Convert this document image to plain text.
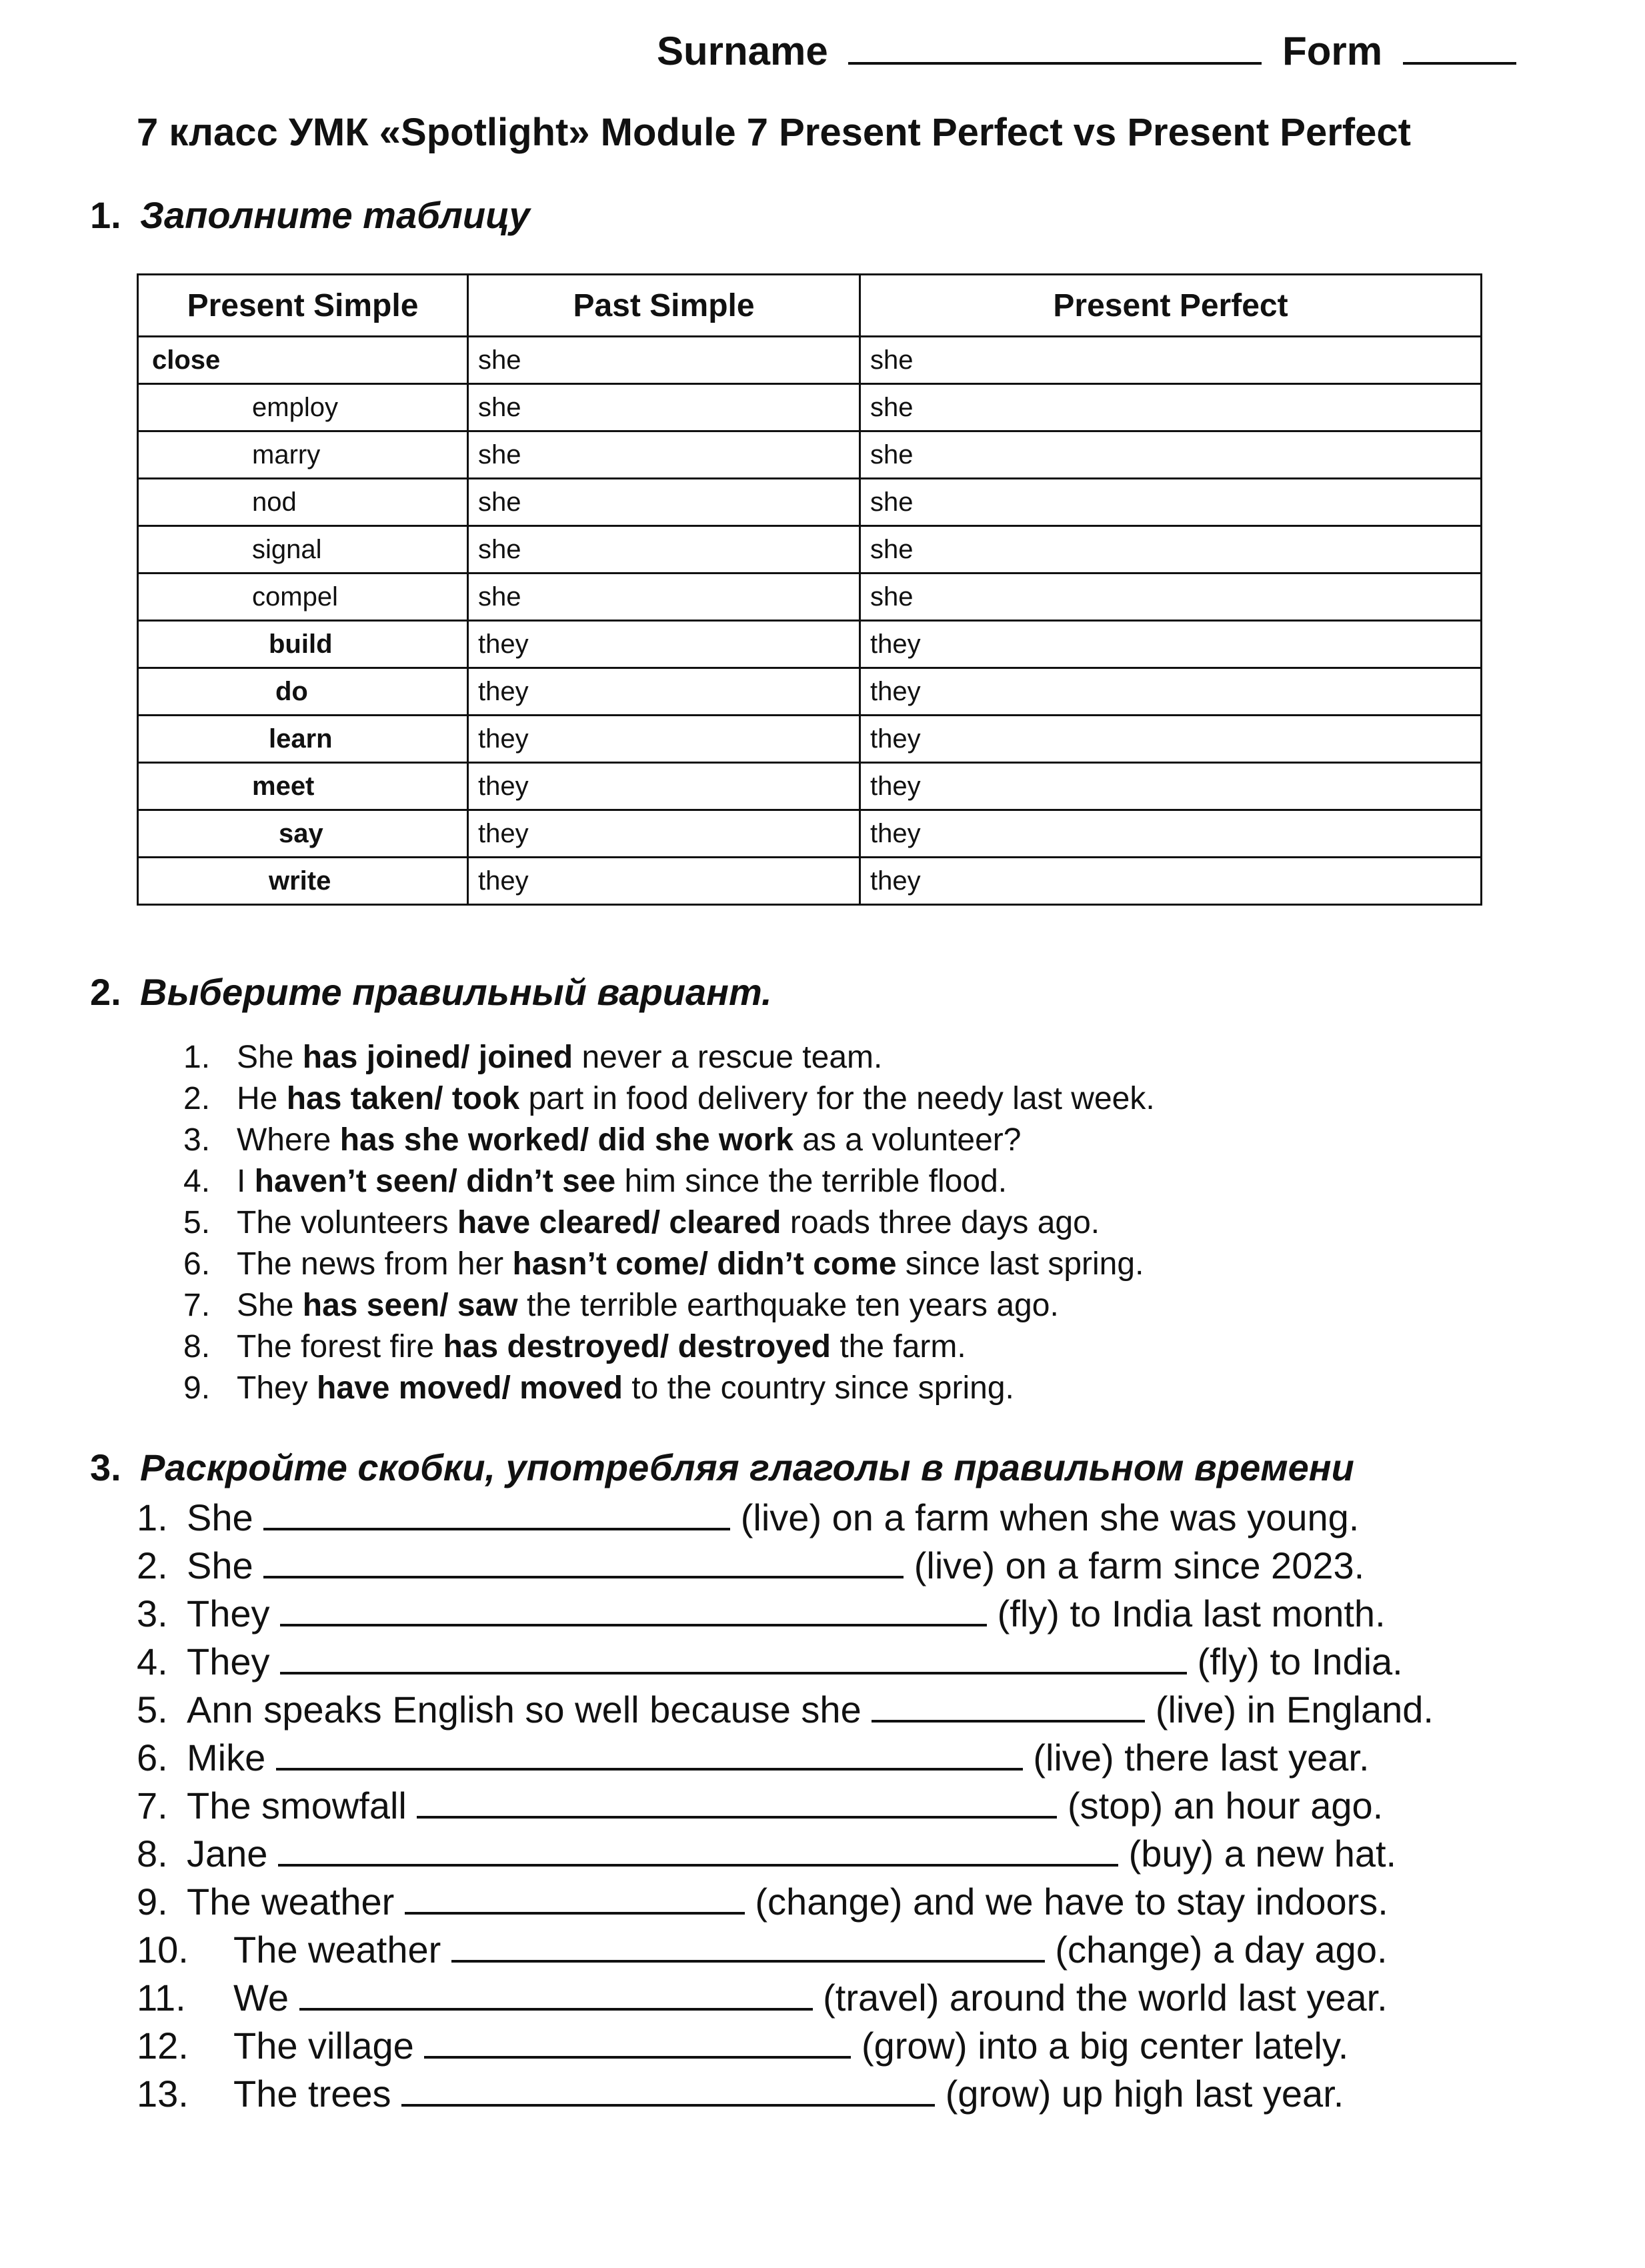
Surname	Form
7 класс УМК «Spotlight» Module 7 Present Perfect vs Present Perfect
1. Заполните таблицу
Present Simple	Past Simple	Present Perfect
close	she	she
employ	she	she
marry	she	she
nod	she	she
signal	she	she
compel	she	she
build	they	they
do	they	they
learn	they	they
meet	they	they
say	they	they
write	they	they
2. Выберите правильный вариант.
1. She has joined/ joined never a rescue team.
2. He has taken/ took part in food delivery for the needy last week.
3. Where has she worked/ did she work as a volunteer?
4. I haven’t seen/ didn’t see him since the terrible flood.
5. The volunteers have cleared/ cleared roads three days ago.
6. The news from her hasn’t come/ didn’t come since last spring.
7. She has seen/ saw the terrible earthquake ten years ago.
8. The forest fire has destroyed/ destroyed the farm.
9. They have moved/ moved to the country since spring.
3. Раскройте скобки, употребляя глаголы в правильном времени
1. She	(live) on a farm when she was young.
2. She	(live) on a farm since 2023.
3. They	(fly) to India last month.
4. They	(fly) to India.
5. Ann speaks English so well because she	(live) in England.
6. Mike	(live) there last year.
7. The smowfall	(stop) an hour ago.
8. Jane	(buy) a new hat.
9. The weather	(change) and we have to stay indoors.
10. The weather	(change) a day ago.
11. We	(travel) around the world last year.
12. The village	(grow) into a big center lately.
13. The trees	(grow) up high last year.
